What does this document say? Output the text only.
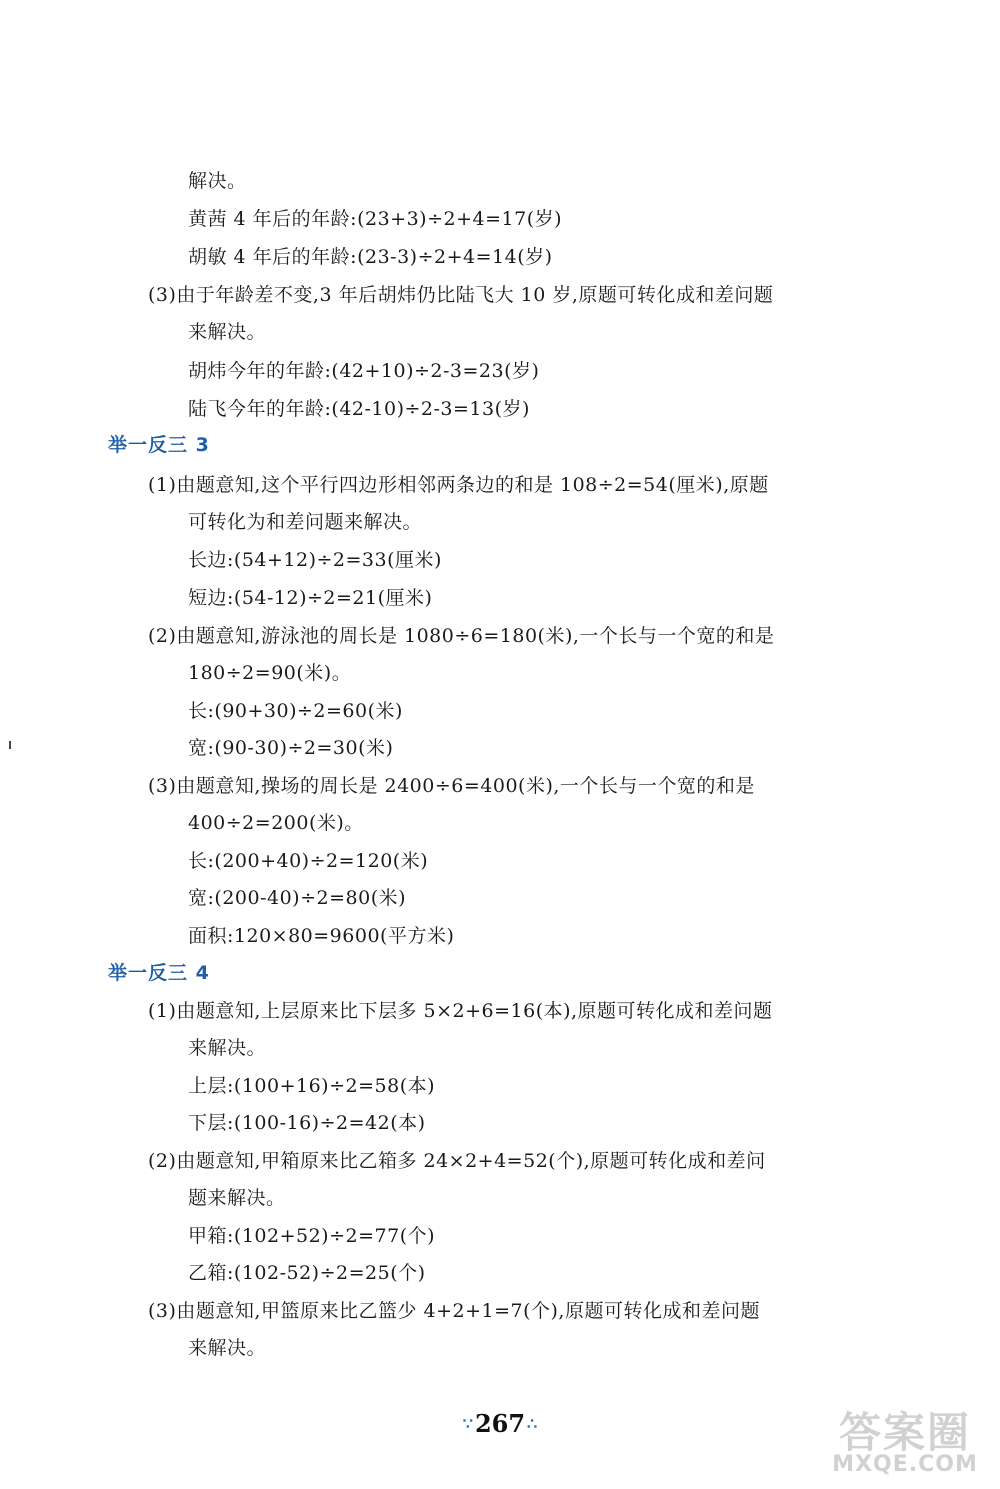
解决。
黄茜 4 年后的年龄:(23+3)÷2+4=17(岁)
胡敏 4 年后的年龄:(23-3)÷2+4=14(岁)
(3)由于年龄差不变,3 年后胡炜仍比陆飞大 10 岁,原题可转化成和差问题
来解决。
胡炜今年的年龄:(42+10)÷2-3=23(岁)
陆飞今年的年龄:(42-10)÷2-3=13(岁)
举一反三 3
(1)由题意知,这个平行四边形相邻两条边的和是 108÷2=54(厘米),原题
可转化为和差问题来解决。
长边:(54+12)÷2=33(厘米)
短边:(54-12)÷2=21(厘米)
(2)由题意知,游泳池的周长是 1080÷6=180(米),一个长与一个宽的和是
180÷2=90(米)。
长:(90+30)÷2=60(米)
宽:(90-30)÷2=30(米)
(3)由题意知,操场的周长是 2400÷6=400(米),一个长与一个宽的和是
400÷2=200(米)。
长:(200+40)÷2=120(米)
宽:(200-40)÷2=80(米)
面积:120×80=9600(平方米)
举一反三 4
(1)由题意知,上层原来比下层多 5×2+6=16(本),原题可转化成和差问题
来解决。
上层:(100+16)÷2=58(本)
下层:(100-16)÷2=42(本)
(2)由题意知,甲箱原来比乙箱多 24×2+4=52(个),原题可转化成和差问
题来解决。
甲箱:(102+52)÷2=77(个)
乙箱:(102-52)÷2=25(个)
(3)由题意知,甲篮原来比乙篮少 4+2+1=7(个),原题可转化成和差问题
来解决。
∵267 ∴	答案圈
MXQE.COM
